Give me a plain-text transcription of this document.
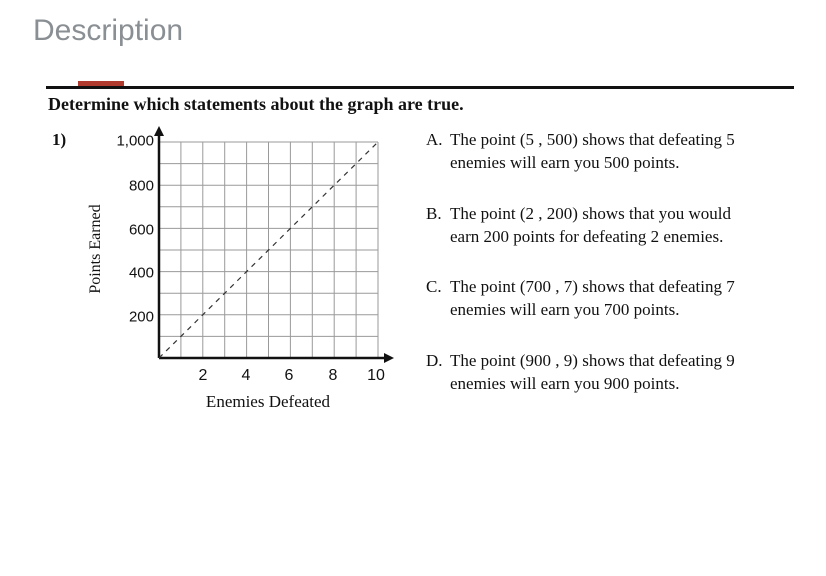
Description
Determine which statements about the graph are true.
1)
Points Earned
1,000
800
600
400
200
2 4 6 8 10
Enemies Defeated
A. The point (5 , 500) shows that defeating 5
enemies will earn you 500 points.
B. The point (2 , 200) shows that you would
earn 200 points for defeating 2 enemies.
C. The point (700 , 7) shows that defeating 7
enemies will earn you 700 points.
D. The point (900 , 9) shows that defeating 9
enemies will earn you 900 points.
